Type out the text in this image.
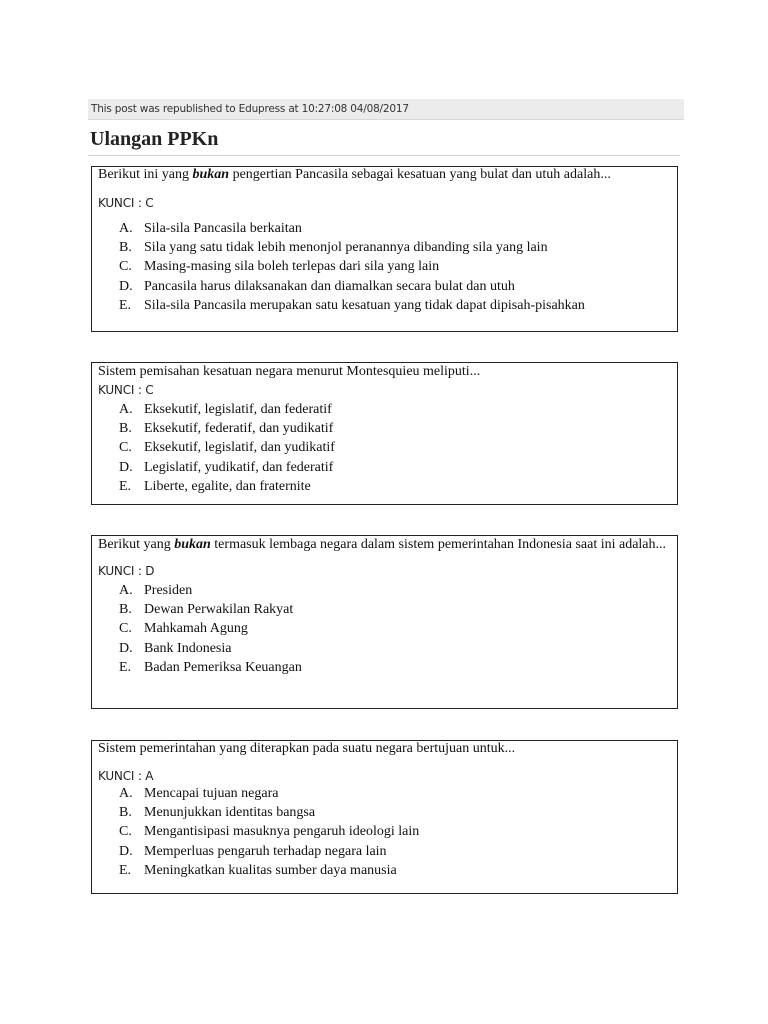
This post was republished to Edupress at 10:27:08 04/08/2017
Ulangan PPKn

Berikut ini yang bukan pengertian Pancasila sebagai kesatuan yang bulat dan utuh adalah...

KUNCI : C
A. Sila-sila Pancasila berkaitan
B. Sila yang satu tidak lebih menonjol peranannya dibanding sila yang lain
C. Masing-masing sila boleh terlepas dari sila yang lain
D. Pancasila harus dilaksanakan dan diamalkan secara bulat dan utuh
E. Sila-sila Pancasila merupakan satu kesatuan yang tidak dapat dipisah-pisahkan

Sistem pemisahan kesatuan negara menurut Montesquieu meliputi...

KUNCI : C
A. Eksekutif, legislatif, dan federatif
B. Eksekutif, federatif, dan yudikatif
C. Eksekutif, legislatif, dan yudikatif
D. Legislatif, yudikatif, dan federatif
E. Liberte, egalite, dan fraternite

Berikut yang bukan termasuk lembaga negara dalam sistem pemerintahan Indonesia saat ini adalah...

KUNCI : D
A. Presiden
B. Dewan Perwakilan Rakyat
C. Mahkamah Agung
D. Bank Indonesia
E. Badan Pemeriksa Keuangan

Sistem pemerintahan yang diterapkan pada suatu negara bertujuan untuk...

KUNCI : A
A. Mencapai tujuan negara
B. Menunjukkan identitas bangsa
C. Mengantisipasi masuknya pengaruh ideologi lain
D. Memperluas pengaruh terhadap negara lain
E. Meningkatkan kualitas sumber daya manusia
